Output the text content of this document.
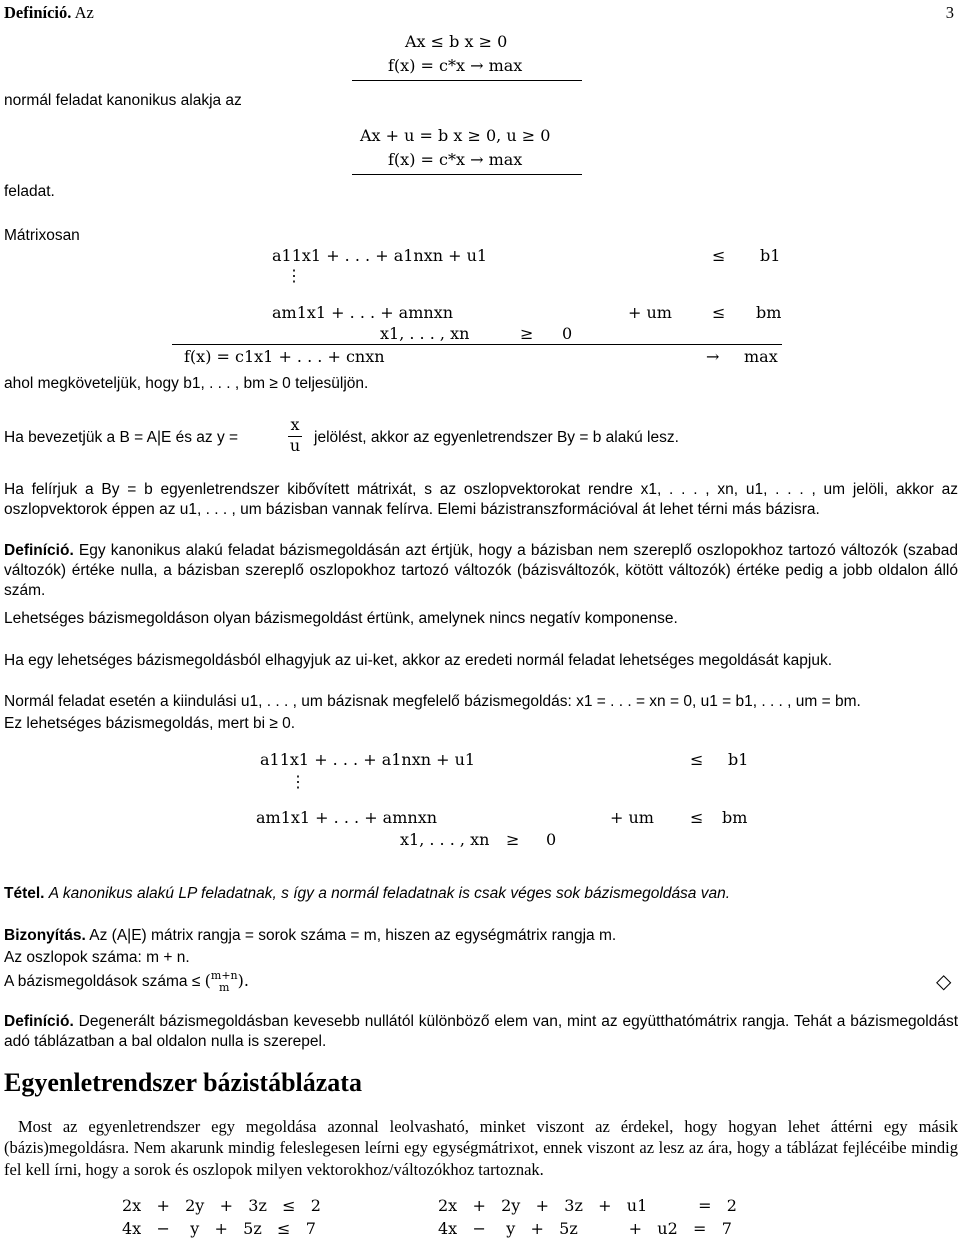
Definíció. Az	3
Ax ≤ b x ≥ 0
f(x) = c*x → max
normál feladat kanonikus alakja az
Ax + u = b x ≥ 0, u ≥ 0
f(x) = c*x → max
feladat.
Mátrixosan
a11x1 + . . . + a1nxn + u1	≤ b1
⋮
am1x1 + . . . + amnxn	+ um	≤ bm
x1, . . . , xn	≥ 0
f(x) = c1x1 + . . . + cnxn	→ max
ahol megköveteljük, hogy b1, . . . , bm ≥ 0 teljesüljön.
Ha bevezetjük a B = A|E és az y =
x
u jelölést, akkor az egyenletrendszer By = b alakú lesz.
Ha felírjuk a By = b egyenletrendszer kibővített mátrixát, s az oszlopvektorokat rendre x1, . . . , xn, u1, . . . , um jelöli, akkor az oszlopvektorok éppen az u1, . . . , um bázisban vannak felírva. Elemi bázistranszformációval át lehet térni más bázisra.
Definíció. Egy kanonikus alakú feladat bázismegoldásán azt értjük, hogy a bázisban nem szereplő oszlopokhoz tartozó változók (szabad változók) értéke nulla, a bázisban szereplő oszlopokhoz tartozó változók (bázisváltozók, kötött változók) értéke pedig a jobb oldalon álló szám.
Lehetséges bázismegoldáson olyan bázismegoldást értünk, amelynek nincs negatív komponense.
Ha egy lehetséges bázismegoldásból elhagyjuk az ui-ket, akkor az eredeti normál feladat lehetséges megoldását kapjuk.
Normál feladat esetén a kiindulási u1, . . . , um bázisnak megfelelő bázismegoldás: x1 = . . . = xn = 0, u1 = b1, . . . , um = bm.
Ez lehetséges bázismegoldás, mert bi ≥ 0.
a11x1 + . . . + a1nxn + u1	≤ b1
⋮
am1x1 + . . . + amnxn	+ um ≤ bm
x1, . . . , xn ≥ 0
Tétel. A kanonikus alakú LP feladatnak, s így a normál feladatnak is csak véges sok bázismegoldása van.
Bizonyítás. Az (A|E) mátrix rangja = sorok száma = m, hiszen az egységmátrix rangja m.
Az oszlopok száma: m + n.
A bázismegoldások száma ≤ ( m+n
m ).	◇
Definíció. Degenerált bázismegoldásban kevesebb nullától különböző elem van, mint az együtthatómátrix rangja. Tehát a bázismegoldást adó táblázatban a bal oldalon nulla is szerepel.
Egyenletrendszer bázistáblázata
Most az egyenletrendszer egy megoldása azonnal leolvasható, minket viszont az érdekel, hogy hogyan lehet áttérni egy másik (bázis)megoldásra. Nem akarunk mindig feleslegesen leírni egy egységmátrixot, ennek viszont az lesz az ára, hogy a táblázat fejlécéibe mindig fel kell írni, hogy a sorok és oszlopok milyen vektorokhoz/változókhoz tartoznak.
2x   +   2y   +   3z   ≤   2
4x   −    y   +   5z   ≤   7
2x   +   2y   +   3z   +   u1          =   2
4x   −    y   +   5z          +   u2   =   7
